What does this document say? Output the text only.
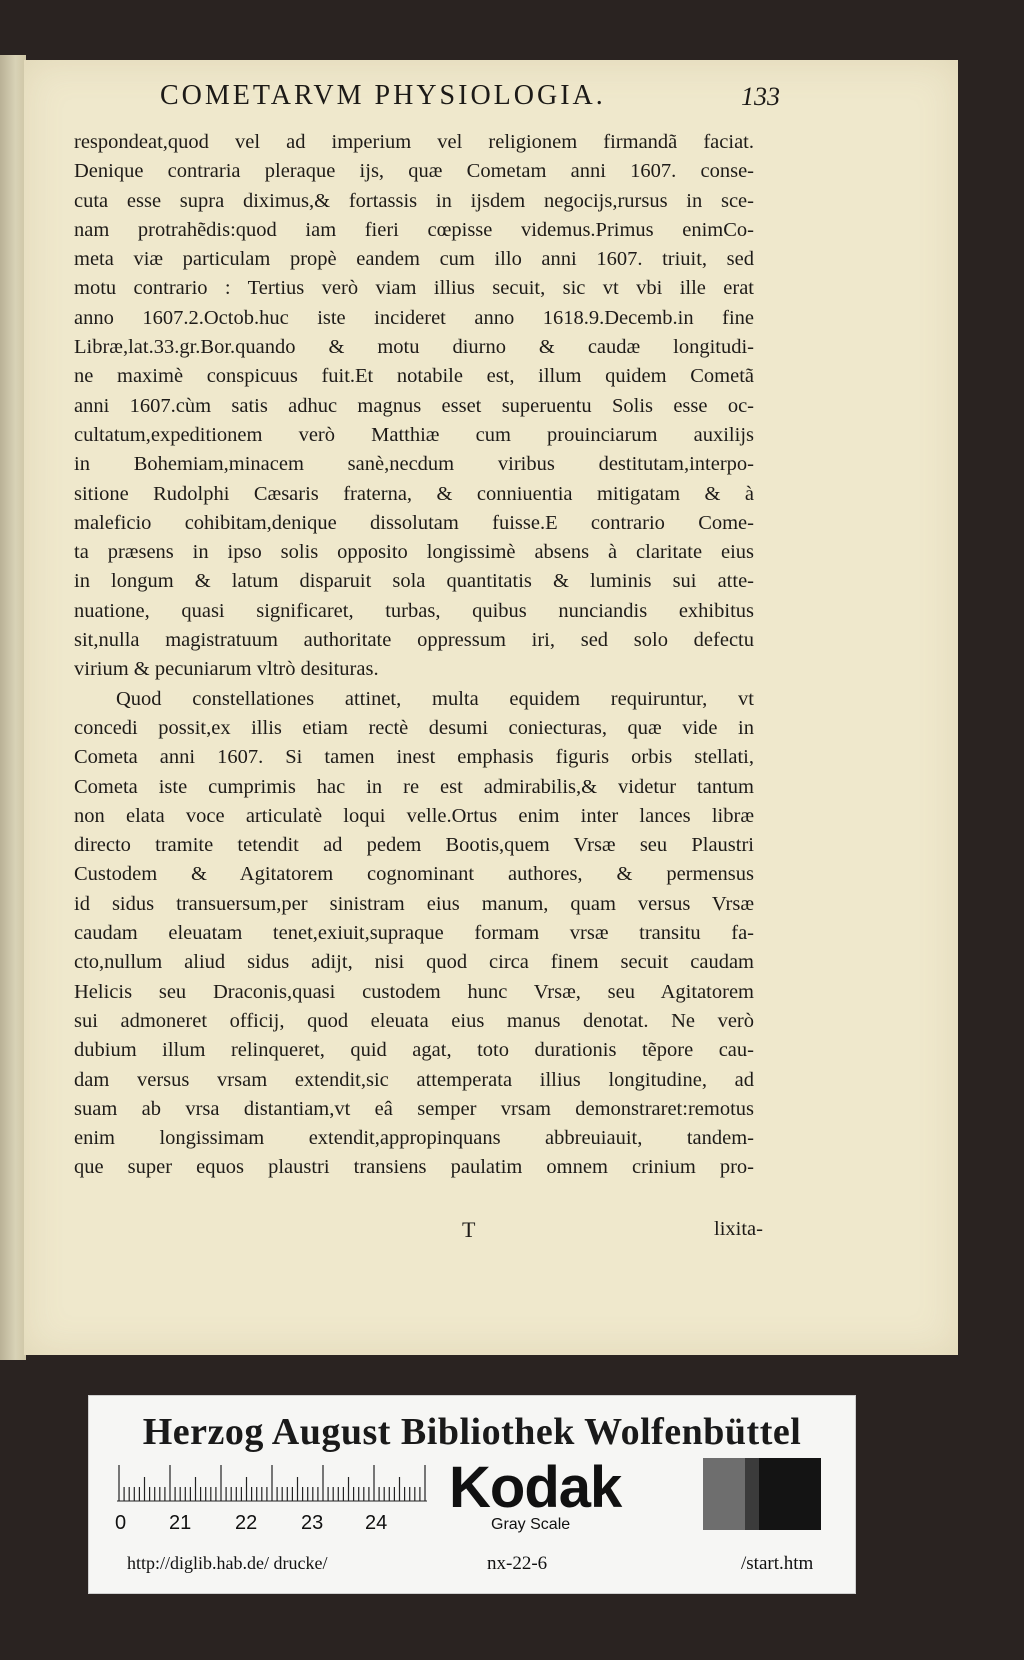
COMETARVM PHYSIOLOGIA.	133
respondeat,quod vel ad imperium vel religionem firmandã faciat.
Denique contraria pleraque ijs, quæ Cometam anni 1607. conse-
cuta esse supra diximus,& fortassis in ijsdem negocijs,rursus in sce-
nam protrahẽdis:quod iam fieri cœpisse videmus.Primus enimCo-
meta viæ particulam propè eandem cum illo anni 1607. triuit, sed
motu contrario : Tertius verò viam illius secuit, sic vt vbi ille erat
anno 1607.2.Octob.huc iste incideret anno 1618.9.Decemb.in fine
Libræ,lat.33.gr.Bor.quando & motu diurno & caudæ longitudi-
ne maximè conspicuus fuit.Et notabile est, illum quidem Cometã
anni 1607.cùm satis adhuc magnus esset superuentu Solis esse oc-
cultatum,expeditionem verò Matthiæ cum prouinciarum auxilijs
in Bohemiam,minacem sanè,necdum viribus destitutam,interpo-
sitione Rudolphi Cæsaris fraterna, & conniuentia mitigatam & à
maleficio cohibitam,denique dissolutam fuisse.E contrario Come-
ta præsens in ipso solis opposito longissimè absens à claritate eius
in longum & latum disparuit sola quantitatis & luminis sui atte-
nuatione, quasi significaret, turbas, quibus nunciandis exhibitus
sit,nulla magistratuum authoritate oppressum iri, sed solo defectu
virium & pecuniarum vltrò desituras.
Quod constellationes attinet, multa equidem requiruntur, vt
concedi possit,ex illis etiam rectè desumi coniecturas, quæ vide in
Cometa anni 1607. Si tamen inest emphasis figuris orbis stellati,
Cometa iste cumprimis hac in re est admirabilis,& videtur tantum
non elata voce articulatè loqui velle.Ortus enim inter lances libræ
directo tramite tetendit ad pedem Bootis,quem Vrsæ seu Plaustri
Custodem & Agitatorem cognominant authores, & permensus
id sidus transuersum,per sinistram eius manum, quam versus Vrsæ
caudam eleuatam tenet,exiuit,supraque formam vrsæ transitu fa-
cto,nullum aliud sidus adijt, nisi quod circa finem secuit caudam
Helicis seu Draconis,quasi custodem hunc Vrsæ, seu Agitatorem
sui admoneret officij, quod eleuata eius manus denotat. Ne verò
dubium illum relinqueret, quid agat, toto durationis tẽpore cau-
dam versus vrsam extendit,sic attemperata illius longitudine, ad
suam ab vrsa distantiam,vt eâ semper vrsam demonstraret:remotus
enim longissimam extendit,appropinquans abbreuiauit, tandem-
que super equos plaustri transiens paulatim omnem crinium pro-
T	lixita-
Herzog August Bibliothek Wolfenbüttel
0 21 22 23 24
Kodak
Gray Scale
http://diglib.hab.de/ drucke/	nx-22-6	/start.htm
